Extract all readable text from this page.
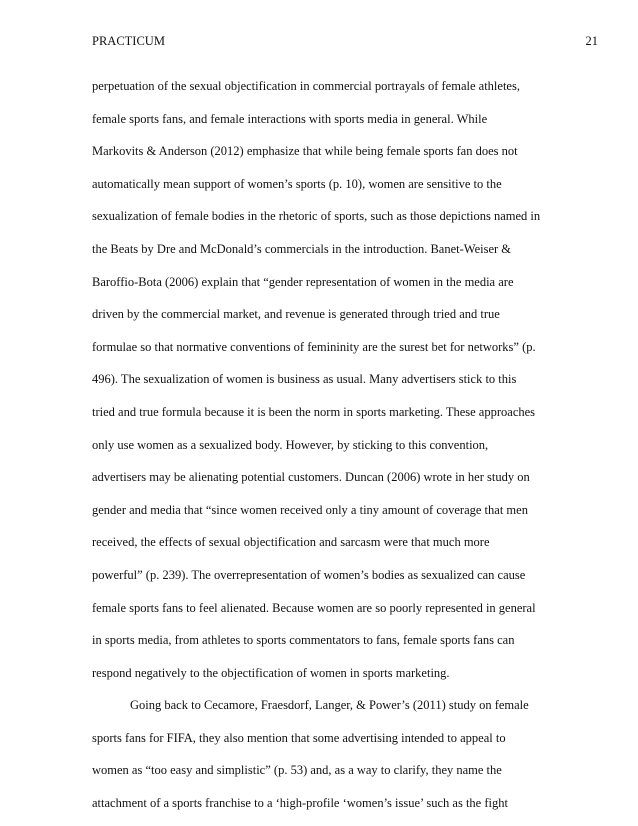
PRACTICUM	21
perpetuation of the sexual objectification in commercial portrayals of female athletes,
female sports fans, and female interactions with sports media in general. While
Markovits & Anderson (2012) emphasize that while being female sports fan does not
automatically mean support of women’s sports (p. 10), women are sensitive to the
sexualization of female bodies in the rhetoric of sports, such as those depictions named in
the Beats by Dre and McDonald’s commercials in the introduction. Banet-Weiser &
Baroffio-Bota (2006) explain that “gender representation of women in the media are
driven by the commercial market, and revenue is generated through tried and true
formulae so that normative conventions of femininity are the surest bet for networks” (p.
496). The sexualization of women is business as usual. Many advertisers stick to this
tried and true formula because it is been the norm in sports marketing. These approaches
only use women as a sexualized body. However, by sticking to this convention,
advertisers may be alienating potential customers. Duncan (2006) wrote in her study on
gender and media that “since women received only a tiny amount of coverage that men
received, the effects of sexual objectification and sarcasm were that much more
powerful” (p. 239). The overrepresentation of women’s bodies as sexualized can cause
female sports fans to feel alienated. Because women are so poorly represented in general
in sports media, from athletes to sports commentators to fans, female sports fans can
respond negatively to the objectification of women in sports marketing.
Going back to Cecamore, Fraesdorf, Langer, & Power’s (2011) study on female
sports fans for FIFA, they also mention that some advertising intended to appeal to
women as “too easy and simplistic” (p. 53) and, as a way to clarify, they name the
attachment of a sports franchise to a ‘high-profile ‘women’s issue’ such as the fight
